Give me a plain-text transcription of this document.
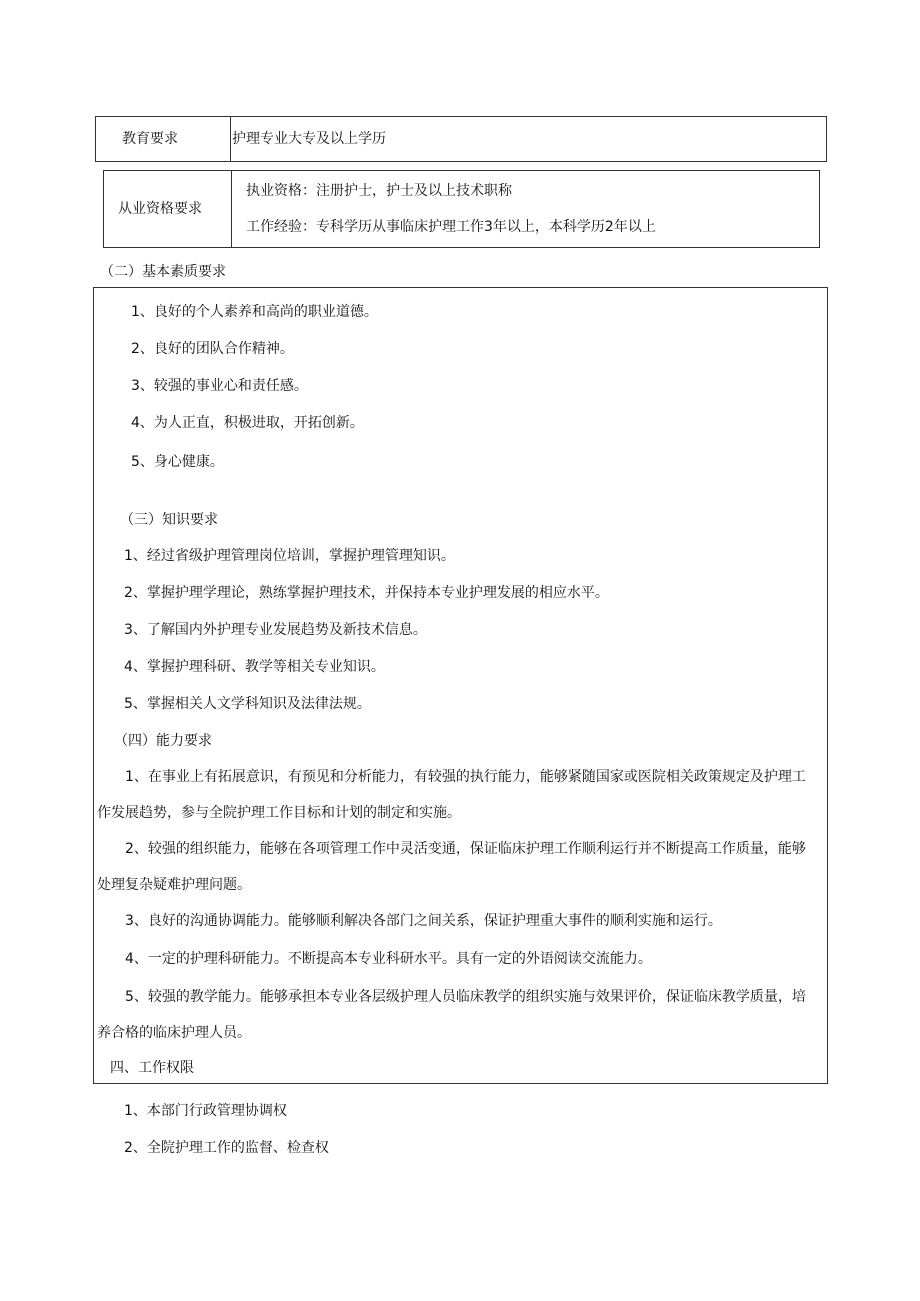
教育要求	护理专业大专及以上学历
从业资格要求
执业资格：注册护士，护士及以上技术职称
工作经验：专科学历从事临床护理工作3年以上，本科学历2年以上
（二）基本素质要求
1、良好的个人素养和高尚的职业道德。
2、良好的团队合作精神。
3、较强的事业心和责任感。
4、为人正直，积极进取，开拓创新。
5、身心健康。
（三）知识要求
1、经过省级护理管理岗位培训，掌握护理管理知识。
2、掌握护理学理论，熟练掌握护理技术，并保持本专业护理发展的相应水平。
3、了解国内外护理专业发展趋势及新技术信息。
4、掌握护理科研、教学等相关专业知识。
5、掌握相关人文学科知识及法律法规。
（四）能力要求
1、在事业上有拓展意识，有预见和分析能力，有较强的执行能力，能够紧随国家或医院相关政策规定及护理工作发展趋势，参与全院护理工作目标和计划的制定和实施。
2、较强的组织能力，能够在各项管理工作中灵活变通，保证临床护理工作顺利运行并不断提高工作质量，能够处理复杂疑难护理问题。
3、良好的沟通协调能力。能够顺利解决各部门之间关系，保证护理重大事件的顺利实施和运行。
4、一定的护理科研能力。不断提高本专业科研水平。具有一定的外语阅读交流能力。
5、较强的教学能力。能够承担本专业各层级护理人员临床教学的组织实施与效果评价，保证临床教学质量，培养合格的临床护理人员。
四、工作权限
1、本部门行政管理协调权
2、全院护理工作的监督、检查权
